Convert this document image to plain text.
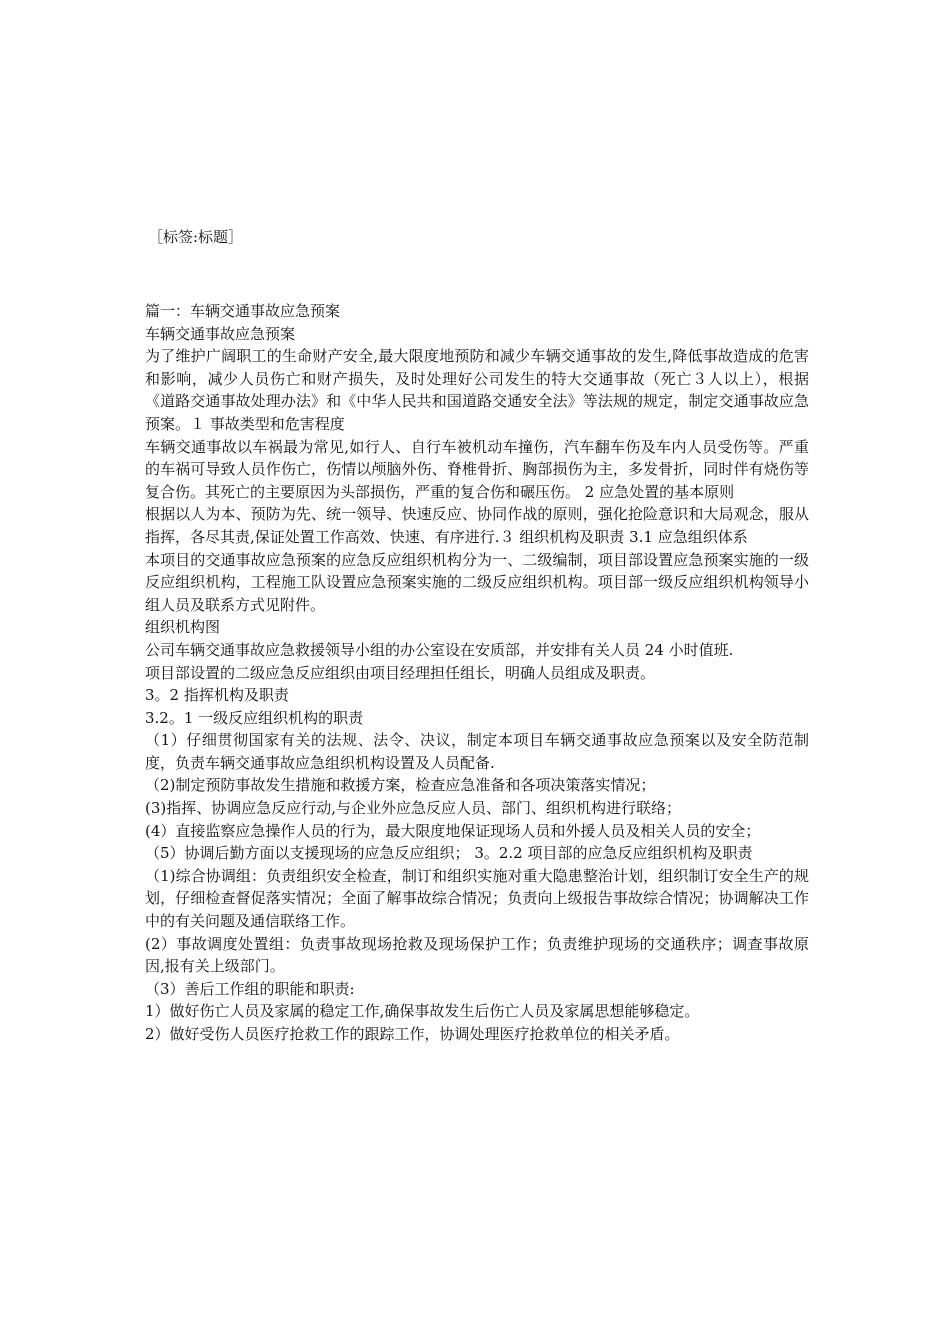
［标签:标题］

篇一：车辆交通事故应急预案

车辆交通事故应急预案

为了维护广阔职工的生命财产安全,最大限度地预防和减少车辆交通事故的发生,降低事故造成的危害和影响，减少人员伤亡和财产损失，及时处理好公司发生的特大交通事故（死亡３人以上），根据《道路交通事故处理办法》和《中华人民共和国道路交通安全法》等法规的规定，制定交通事故应急预案。１ 事故类型和危害程度

车辆交通事故以车祸最为常见,如行人、自行车被机动车撞伤，汽车翻车伤及车内人员受伤等。严重的车祸可导致人员作伤亡，伤情以颅脑外伤、脊椎骨折、胸部损伤为主，多发骨折，同时伴有烧伤等复合伤。其死亡的主要原因为头部损伤，严重的复合伤和碾压伤。 2 应急处置的基本原则

根据以人为本、预防为先、统一领导、快速反应、协同作战的原则，强化抢险意识和大局观念，服从指挥，各尽其责,保证处置工作高效、快速、有序进行.３ 组织机构及职责 3.1 应急组织体系

本项目的交通事故应急预案的应急反应组织机构分为一、二级编制，项目部设置应急预案实施的一级反应组织机构，工程施工队设置应急预案实施的二级反应组织机构。项目部一级反应组织机构领导小组人员及联系方式见附件。

组织机构图

公司车辆交通事故应急救援领导小组的办公室设在安质部，并安排有关人员 24 小时值班.

项目部设置的二级应急反应组织由项目经理担任组长，明确人员组成及职责。

3。2 指挥机构及职责

3.2。1 一级反应组织机构的职责

（1）仔细贯彻国家有关的法规、法令、决议，制定本项目车辆交通事故应急预案以及安全防范制度，负责车辆交通事故应急组织机构设置及人员配备.

（2)制定预防事故发生措施和救援方案，检查应急准备和各项决策落实情况；

(3)指挥、协调应急反应行动,与企业外应急反应人员、部门、组织机构进行联络；

(4）直接监察应急操作人员的行为，最大限度地保证现场人员和外援人员及相关人员的安全；

（5）协调后勤方面以支援现场的应急反应组织； 3。2.2 项目部的应急反应组织机构及职责

（1)综合协调组：负责组织安全检查，制订和组织实施对重大隐患整治计划，组织制订安全生产的规划，仔细检查督促落实情况；全面了解事故综合情况；负责向上级报告事故综合情况；协调解决工作中的有关问题及通信联络工作。

(2）事故调度处置组：负责事故现场抢救及现场保护工作；负责维护现场的交通秩序；调查事故原因,报有关上级部门。

（3）善后工作组的职能和职责:

1）做好伤亡人员及家属的稳定工作,确保事故发生后伤亡人员及家属思想能够稳定。

2）做好受伤人员医疗抢救工作的跟踪工作，协调处理医疗抢救单位的相关矛盾。
